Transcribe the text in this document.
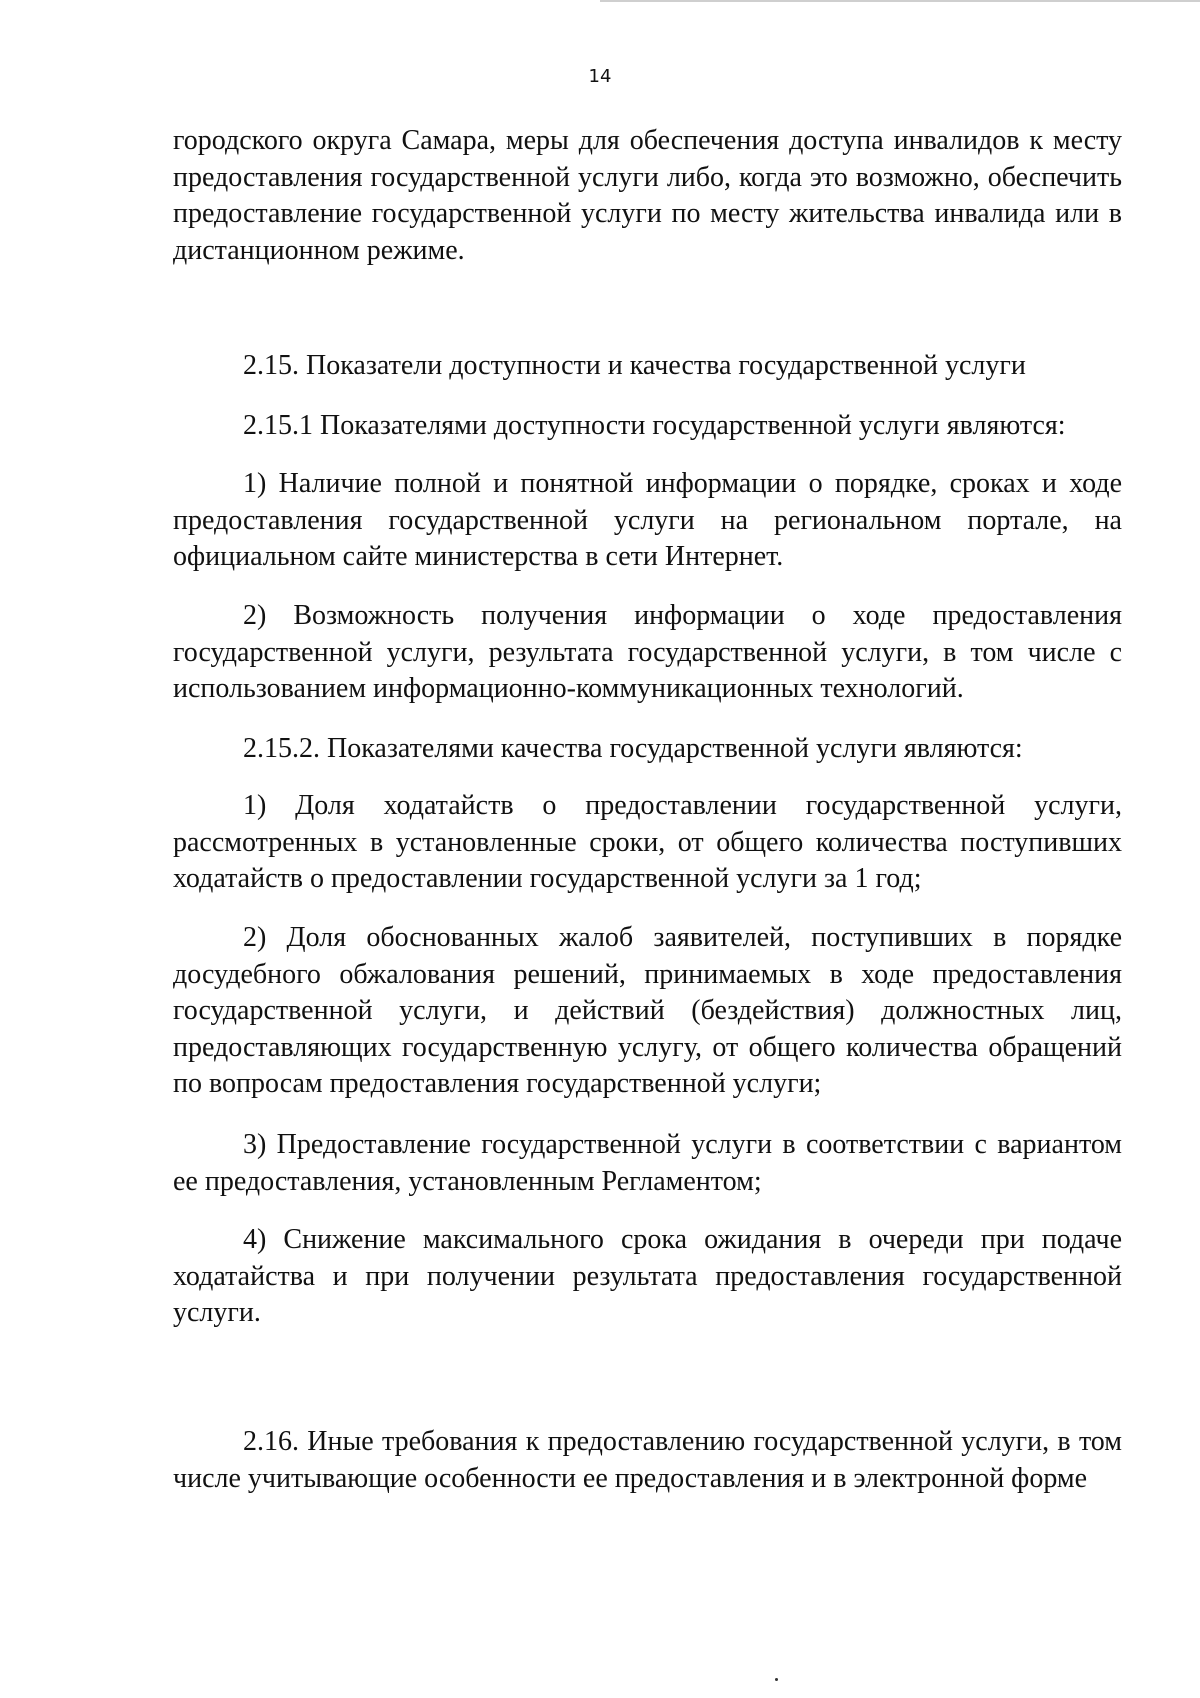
14

городского округа Самара, меры для обеспечения доступа инвалидов к месту предоставления государственной услуги либо, когда это возможно, обеспечить предоставление государственной услуги по месту жительства инвалида или в дистанционном режиме.

2.15. Показатели доступности и качества государственной услуги

2.15.1 Показателями доступности государственной услуги являются:

1) Наличие полной и понятной информации о порядке, сроках и ходе предоставления государственной услуги на региональном портале, на официальном сайте министерства в сети Интернет.

2) Возможность получения информации о ходе предоставления государственной услуги, результата государственной услуги, в том числе с использованием информационно-коммуникационных технологий.

2.15.2. Показателями качества государственной услуги являются:

1) Доля ходатайств о предоставлении государственной услуги, рассмотренных в установленные сроки, от общего количества поступивших ходатайств о предоставлении государственной услуги за 1 год;

2) Доля обоснованных жалоб заявителей, поступивших в порядке досудебного обжалования решений, принимаемых в ходе предоставления государственной услуги, и действий (бездействия) должностных лиц, предоставляющих государственную услугу, от общего количества обращений по вопросам предоставления государственной услуги;

3) Предоставление государственной услуги в соответствии с вариантом ее предоставления, установленным Регламентом;

4) Снижение максимального срока ожидания в очереди при подаче ходатайства и при получении результата предоставления государственной услуги.

2.16. Иные требования к предоставлению государственной услуги, в том числе учитывающие особенности ее предоставления и в электронной форме
